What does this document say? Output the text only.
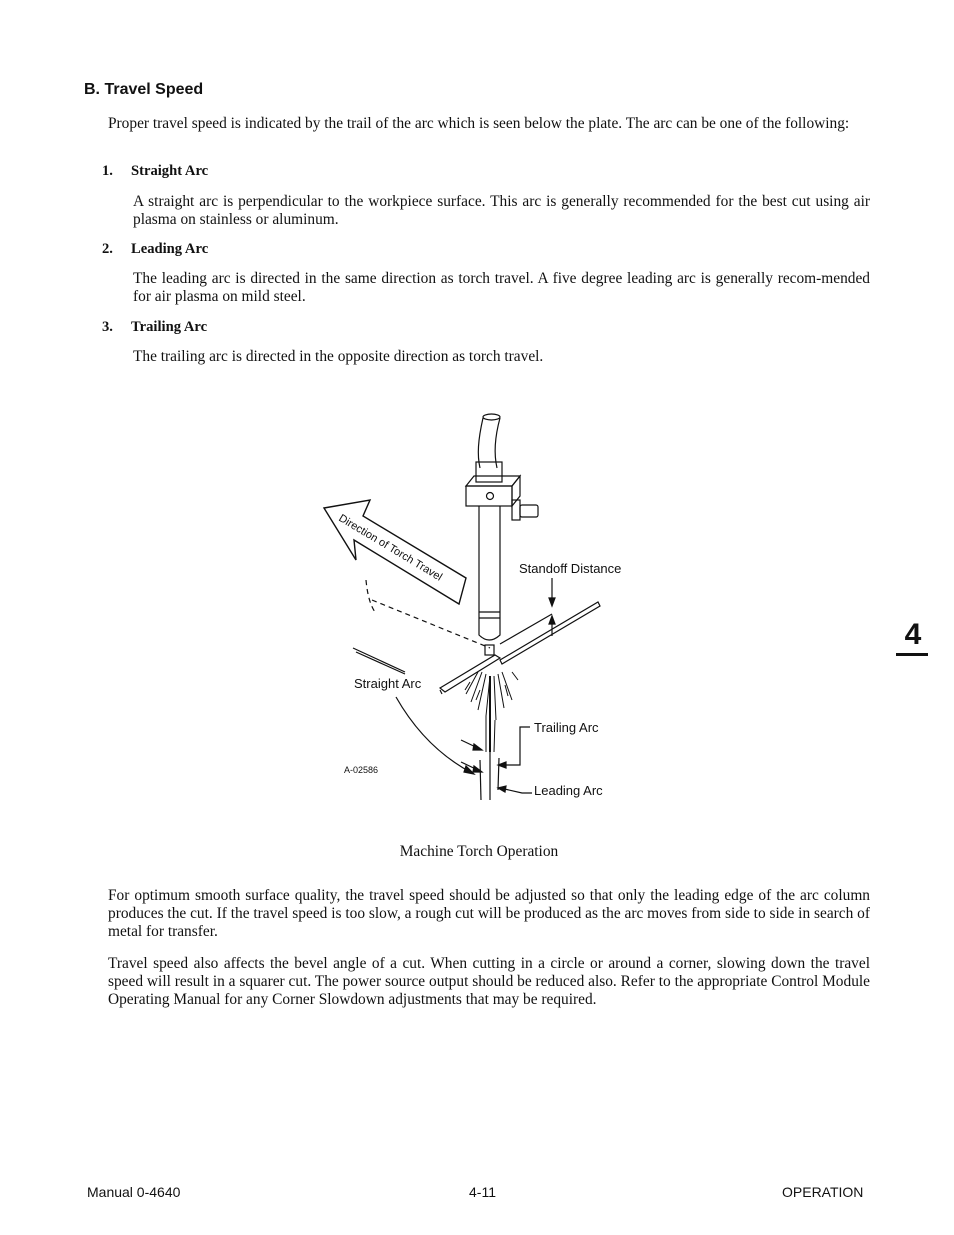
B. Travel Speed

Proper travel speed is indicated by the trail of the arc which is seen below the plate. The arc can be one of the following:

1. Straight Arc

A straight arc is perpendicular to the workpiece surface. This arc is generally recommended for the best cut using air plasma on stainless or aluminum.

2. Leading Arc

The leading arc is directed in the same direction as torch travel. A five degree leading arc is generally recom-mended for air plasma on mild steel.

3. Trailing Arc

The trailing arc is directed in the opposite direction as torch travel.

Direction of Torch Travel	Standoff Distance
Straight Arc
Trailing Arc
Leading Arc
A-02586
Machine Torch Operation

For optimum smooth surface quality, the travel speed should be adjusted so that only the leading edge of the arc column produces the cut. If the travel speed is too slow, a rough cut will be produced as the arc moves from side to side in search of metal for transfer.

Travel speed also affects the bevel angle of a cut. When cutting in a circle or around a corner, slowing down the travel speed will result in a squarer cut. The power source output should be reduced also. Refer to the appropriate Control Module Operating Manual for any Corner Slowdown adjustments that may be required.

4
Manual 0-4640	4-11	OPERATION
